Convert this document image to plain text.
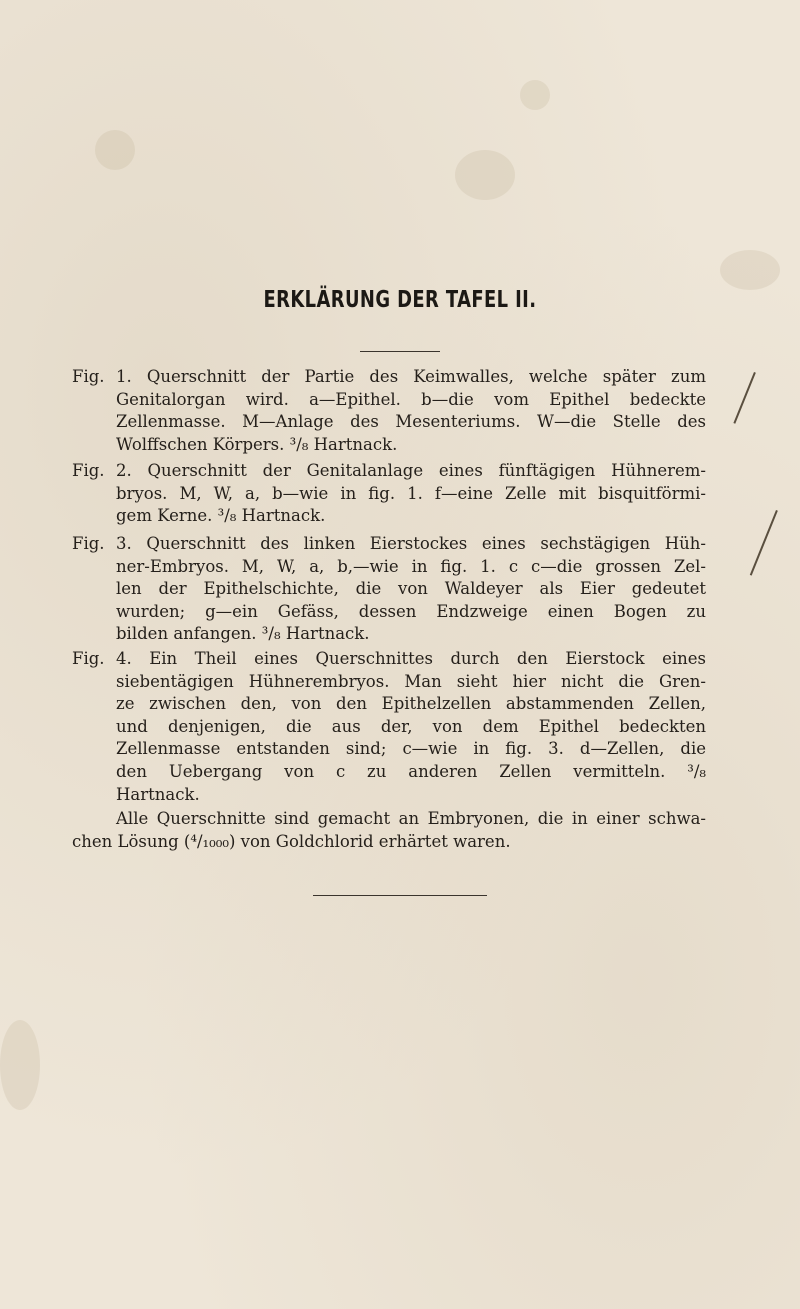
ERKLÄRUNG DER TAFEL II.
Fig. 1. Querschnitt der Partie des Keimwalles, welche später zum
Genitalorgan wird. a—Epithel. b—die vom Epithel bedeckte
Zellenmasse. M—Anlage des Mesenteriums. W—die Stelle des
Wolffschen Körpers. ³/₈ Hartnack.
Fig. 2. Querschnitt der Genitalanlage eines fünftägigen Hühnerem-
bryos. M, W, a, b—wie in fig. 1. f—eine Zelle mit bisquitförmi-
gem Kerne. ³/₈ Hartnack.
Fig. 3. Querschnitt des linken Eierstockes eines sechstägigen Hüh-
ner-Embryos. M, W, a, b,—wie in fig. 1. c c—die grossen Zel-
len der Epithelschichte, die von Waldeyer als Eier gedeutet
wurden; g—ein Gefäss, dessen Endzweige einen Bogen zu
bilden anfangen. ³/₈ Hartnack.
Fig. 4. Ein Theil eines Querschnittes durch den Eierstock eines
siebentägigen Hühnerembryos. Man sieht hier nicht die Gren-
ze zwischen den, von den Epithelzellen abstammenden Zellen,
und denjenigen, die aus der, von dem Epithel bedeckten
Zellenmasse entstanden sind; c—wie in fig. 3. d—Zellen, die
den Uebergang von c zu anderen Zellen vermitteln. ³/₈
Hartnack.
Alle Querschnitte sind gemacht an Embryonen, die in einer schwa-
chen Lösung (⁴/₁₀₀₀) von Goldchlorid erhärtet waren.
